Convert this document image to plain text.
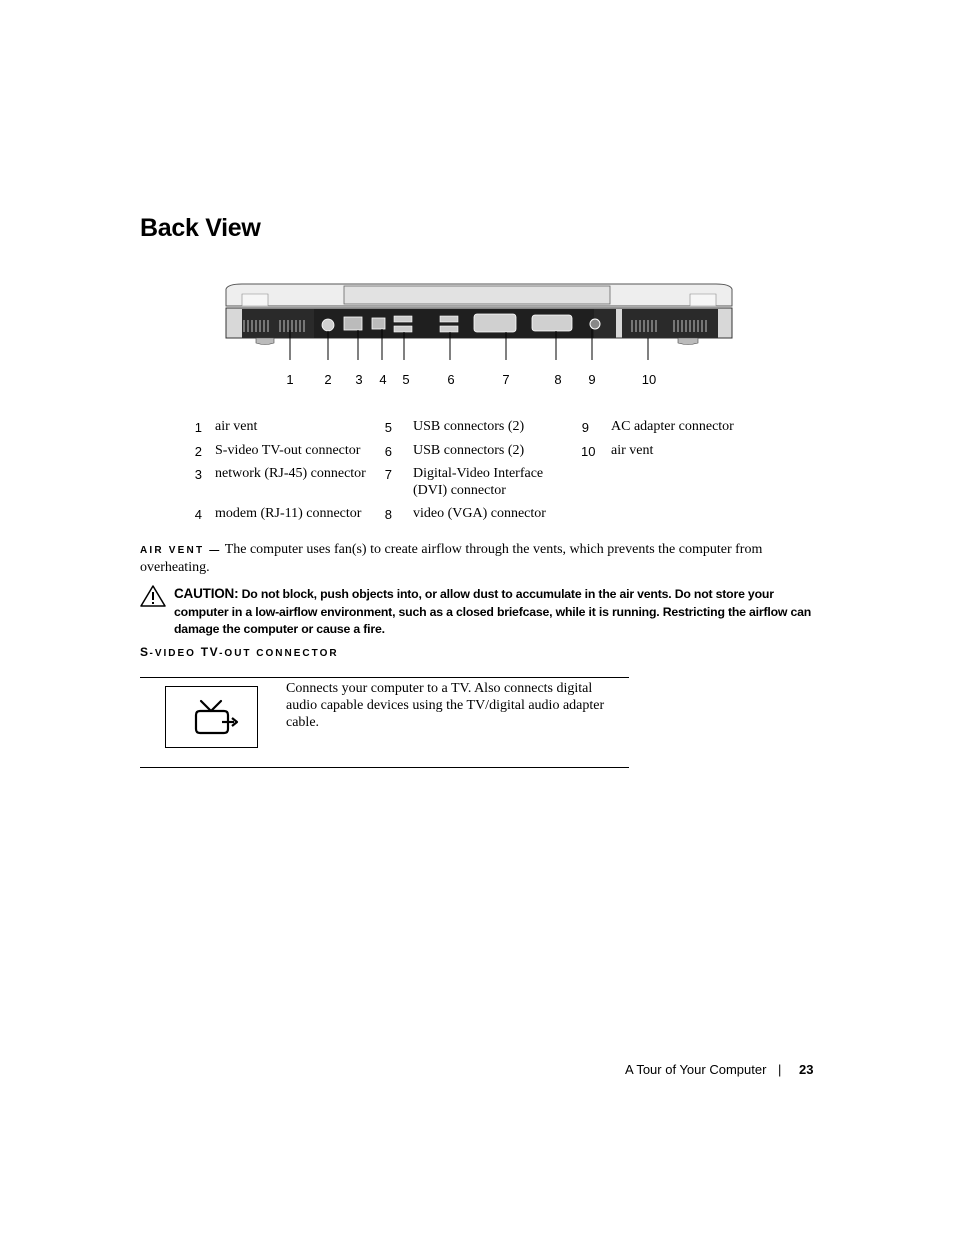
Back View
1	2	3	4	5	6	7	8	9	10
1 air vent
2 S-video TV-out connector
3 network (RJ-45) connector
4 modem (RJ-11) connector
5 USB connectors (2)
6 USB connectors (2)
7 Digital-Video Interface (DVI) connector
8 video (VGA) connector
9 AC adapter connector
10 air vent
AIR VENT — The computer uses fan(s) to create airflow through the vents, which prevents the computer from overheating.
CAUTION: Do not block, push objects into, or allow dust to accumulate in the air vents. Do not store your computer in a low-airflow environment, such as a closed briefcase, while it is running. Restricting the airflow can damage the computer or cause a fire.
S-VIDEO TV-OUT CONNECTOR
Connects your computer to a TV. Also connects digital audio capable devices using the TV/digital audio adapter cable.
A Tour of Your Computer | 23
